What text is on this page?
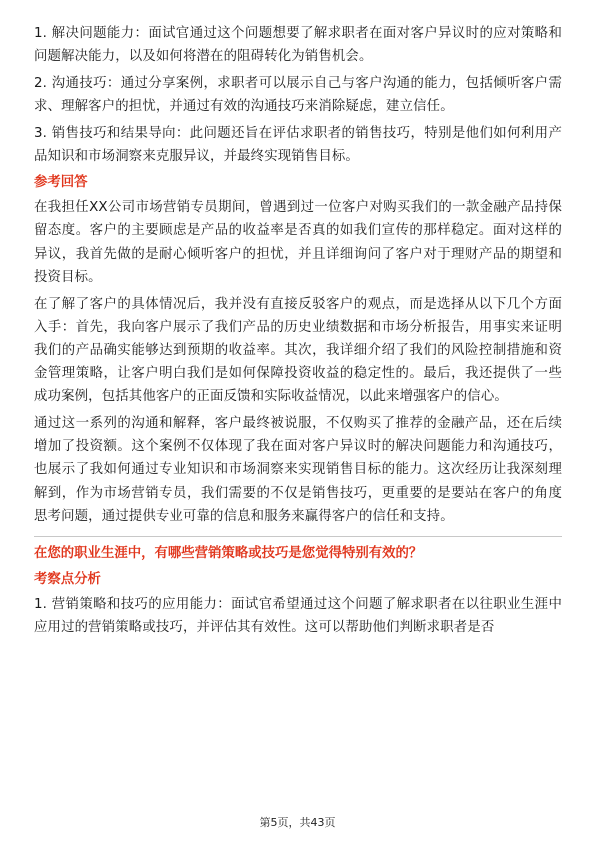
1. 解决问题能力：面试官通过这个问题想要了解求职者在面对客户异议时的应对策略和问题解决能力，以及如何将潜在的阻碍转化为销售机会。

2. 沟通技巧：通过分享案例，求职者可以展示自己与客户沟通的能力，包括倾听客户需求、理解客户的担忧，并通过有效的沟通技巧来消除疑虑，建立信任。

3. 销售技巧和结果导向：此问题还旨在评估求职者的销售技巧，特别是他们如何利用产品知识和市场洞察来克服异议，并最终实现销售目标。

参考回答

在我担任XX公司市场营销专员期间，曾遇到过一位客户对购买我们的一款金融产品持保留态度。客户的主要顾虑是产品的收益率是否真的如我们宣传的那样稳定。面对这样的异议，我首先做的是耐心倾听客户的担忧，并且详细询问了客户对于理财产品的期望和投资目标。

在了解了客户的具体情况后，我并没有直接反驳客户的观点，而是选择从以下几个方面入手：首先，我向客户展示了我们产品的历史业绩数据和市场分析报告，用事实来证明我们的产品确实能够达到预期的收益率。其次，我详细介绍了我们的风险控制措施和资金管理策略，让客户明白我们是如何保障投资收益的稳定性的。最后，我还提供了一些成功案例，包括其他客户的正面反馈和实际收益情况，以此来增强客户的信心。

通过这一系列的沟通和解释，客户最终被说服，不仅购买了推荐的金融产品，还在后续增加了投资额。这个案例不仅体现了我在面对客户异议时的解决问题能力和沟通技巧，也展示了我如何通过专业知识和市场洞察来实现销售目标的能力。这次经历让我深刻理解到，作为市场营销专员，我们需要的不仅是销售技巧，更重要的是要站在客户的角度思考问题，通过提供专业可靠的信息和服务来赢得客户的信任和支持。

在您的职业生涯中，有哪些营销策略或技巧是您觉得特别有效的？
考察点分析

1. 营销策略和技巧的应用能力：面试官希望通过这个问题了解求职者在以往职业生涯中应用过的营销策略或技巧，并评估其有效性。这可以帮助他们判断求职者是否

第5页，共43页
